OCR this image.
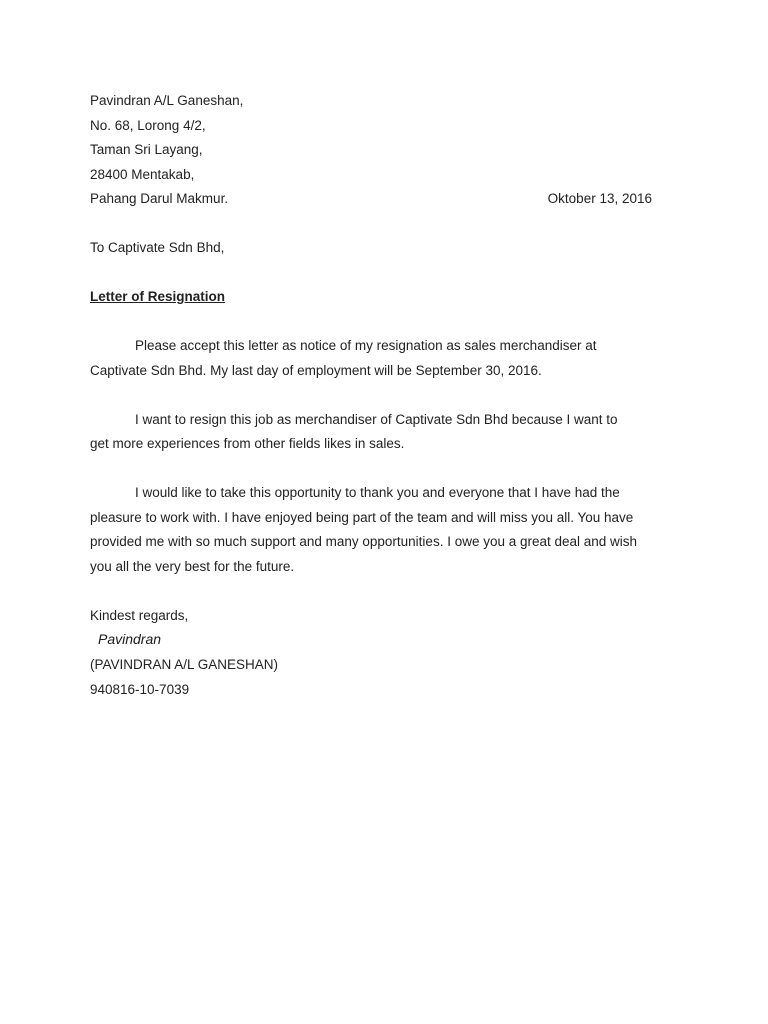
Pavindran A/L Ganeshan,
No. 68, Lorong 4/2,
Taman Sri Layang,
28400 Mentakab,
Pahang Darul Makmur.	Oktober 13, 2016
To Captivate Sdn Bhd,
Letter of Resignation
Please accept this letter as notice of my resignation as sales merchandiser at
Captivate Sdn Bhd. My last day of employment will be September 30, 2016.
I want to resign this job as merchandiser of Captivate Sdn Bhd because I want to
get more experiences from other fields likes in sales.
I would like to take this opportunity to thank you and everyone that I have had the
pleasure to work with. I have enjoyed being part of the team and will miss you all. You have
provided me with so much support and many opportunities. I owe you a great deal and wish
you all the very best for the future.
Kindest regards,
Pavindran
(PAVINDRAN A/L GANESHAN)
940816-10-7039
